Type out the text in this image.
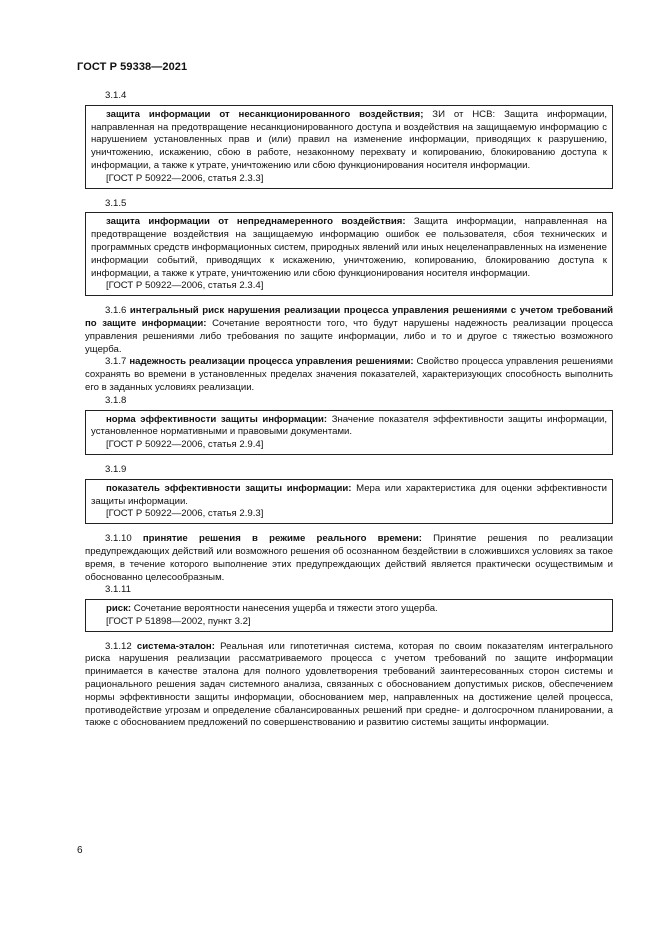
ГОСТ Р 59338—2021
3.1.4
защита информации от несанкционированного воздействия; ЗИ от НСВ: Защита информации, направленная на предотвращение несанкционированного доступа и воздействия на защищаемую информацию с нарушением установленных прав и (или) правил на изменение информации, приводящих к разрушению, уничтожению, искажению, сбою в работе, незаконному перехвату и копированию, блокированию доступа к информации, а также к утрате, уничтожению или сбою функционирования носителя информации.
[ГОСТ Р 50922—2006, статья 2.3.3]
3.1.5
защита информации от непреднамеренного воздействия: Защита информации, направленная на предотвращение воздействия на защищаемую информацию ошибок ее пользователя, сбоя технических и программных средств информационных систем, природных явлений или иных нецеленаправленных на изменение информации событий, приводящих к искажению, уничтожению, копированию, блокированию доступа к информации, а также к утрате, уничтожению или сбою функционирования носителя информации.
[ГОСТ Р 50922—2006, статья 2.3.4]

3.1.6 интегральный риск нарушения реализации процесса управления решениями с учетом требований по защите информации: Сочетание вероятности того, что будут нарушены надежность реализации процесса управления решениями либо требования по защите информации, либо и то и другое с тяжестью возможного ущерба.

3.1.7 надежность реализации процесса управления решениями: Свойство процесса управления решениями сохранять во времени в установленных пределах значения показателей, характеризующих способность выполнить его в заданных условиях реализации.

3.1.8
норма эффективности защиты информации: Значение показателя эффективности защиты информации, установленное нормативными и правовыми документами.
[ГОСТ Р 50922—2006, статья 2.9.4]
3.1.9
показатель эффективности защиты информации: Мера или характеристика для оценки эффективности защиты информации.
[ГОСТ Р 50922—2006, статья 2.9.3]

3.1.10 принятие решения в режиме реального времени: Принятие решения по реализации предупреждающих действий или возможного решения об осознанном бездействии в сложившихся условиях за такое время, в течение которого выполнение этих предупреждающих действий является практически осуществимым и обоснованно целесообразным.

3.1.11
риск: Сочетание вероятности нанесения ущерба и тяжести этого ущерба.
[ГОСТ Р 51898—2002, пункт 3.2]

3.1.12 система-эталон: Реальная или гипотетичная система, которая по своим показателям интегрального риска нарушения реализации рассматриваемого процесса с учетом требований по защите информации принимается в качестве эталона для полного удовлетворения требований заинтересованных сторон системы и рационального решения задач системного анализа, связанных с обоснованием допустимых рисков, обеспечением нормы эффективности защиты информации, обоснованием мер, направленных на достижение целей процесса, противодействие угрозам и определение сбалансированных решений при средне- и долгосрочном планировании, а также с обоснованием предложений по совершенствованию и развитию системы защиты информации.

6
